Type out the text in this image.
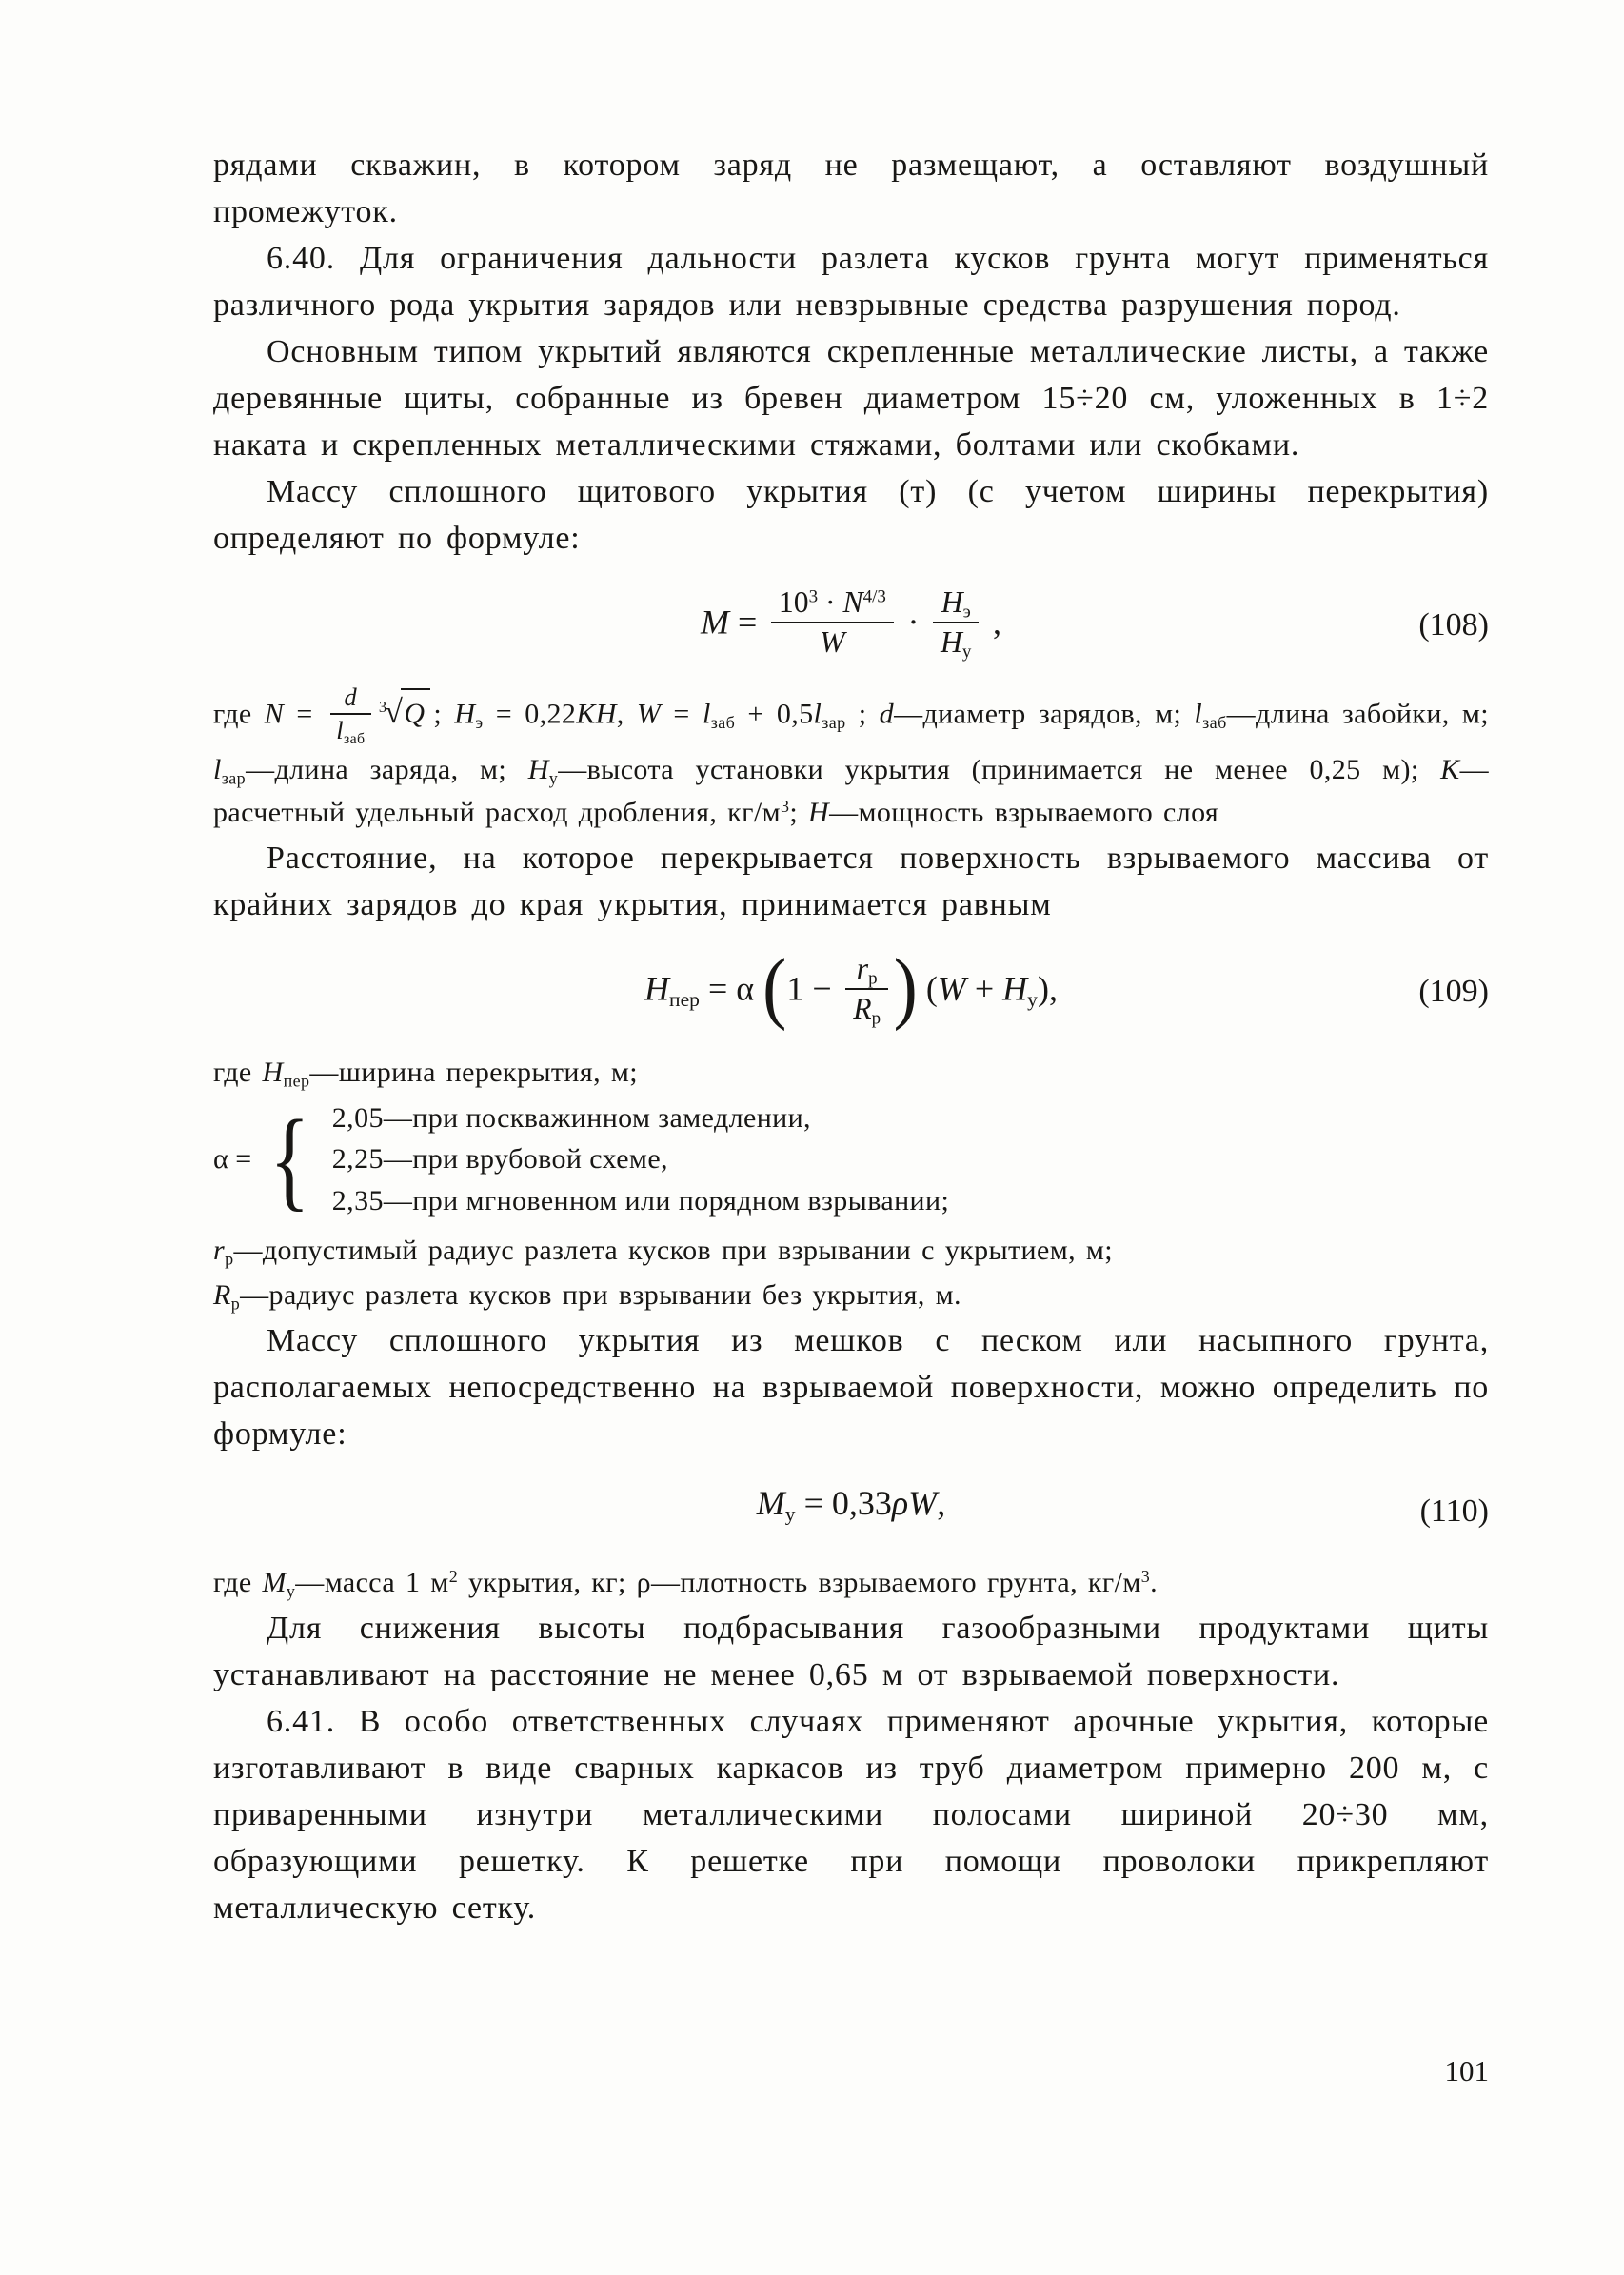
рядами скважин, в котором заряд не размещают, а оставляют воздушный промежуток.

6.40. Для ограничения дальности разлета кусков грунта могут применяться различного рода укрытия зарядов или невзрывные средства разрушения пород.

Основным типом укрытий являются скрепленные металлические листы, а также деревянные щиты, собранные из бревен диаметром 15÷20 см, уложенных в 1÷2 наката и скрепленных металлическими стяжами, болтами или скобками.

Массу сплошного щитового укрытия (т) (с учетом ширины перекрытия) определяют по формуле:

$M = \frac{10^3 \cdot N^{4/3}}{W} \cdot \frac{H_э}{H_у}$ ,	(108)
где $N = \frac{d}{l_{заб}} ^3√Q$ ; $H_э = 0,22KH$, $W = l_{заб} + 0,5l_{зар}$ ; d—диаметр зарядов, м; $l_{заб}—длина$ забойки, м; $l_{зар}—длина$ заряда, м; $H_у—высота$ установки укрытия (принимается не менее 0,25 м); K—расчетный удельный расход дробления, $кг/м^3$; H—мощность взрываемого слоя

Расстояние, на которое перекрывается поверхность взрываемого массива от крайних зарядов до края укрытия, принимается равным

$H_{пер} = \alpha$ ($1 - \frac{r_р}{R_р}$ ) $(W + H_у)$,	(109)
где $H_{пер}—ширина$ перекрытия, м;
α = { 2,05—при поскважинном замедлении,
2,25—при врубовой схеме,
2,35—при мгновенном или порядном взрывании;
$r_р—допустимый$ радиус разлета кусков при взрывании с укрытием, м;
$R_р—радиус$ разлета кусков при взрывании без укрытия, м.

Массу сплошного укрытия из мешков с песком или насыпного грунта, располагаемых непосредственно на взрываемой поверхности, можно определить по формуле:

$M_у = 0,33\rho W$,	(110)
где $M_у—масса$ 1 $м^2$ укрытия, кг; ρ—плотность взрываемого грунта, $кг/м^3$.

Для снижения высоты подбрасывания газообразными продуктами щиты устанавливают на расстояние не менее 0,65 м от взрываемой поверхности.

6.41. В особо ответственных случаях применяют арочные укрытия, которые изготавливают в виде сварных каркасов из труб диаметром примерно 200 м, с приваренными изнутри металлическими полосами шириной 20÷30 мм, образующими решетку. К решетке при помощи проволоки прикрепляют металлическую сетку.

101
